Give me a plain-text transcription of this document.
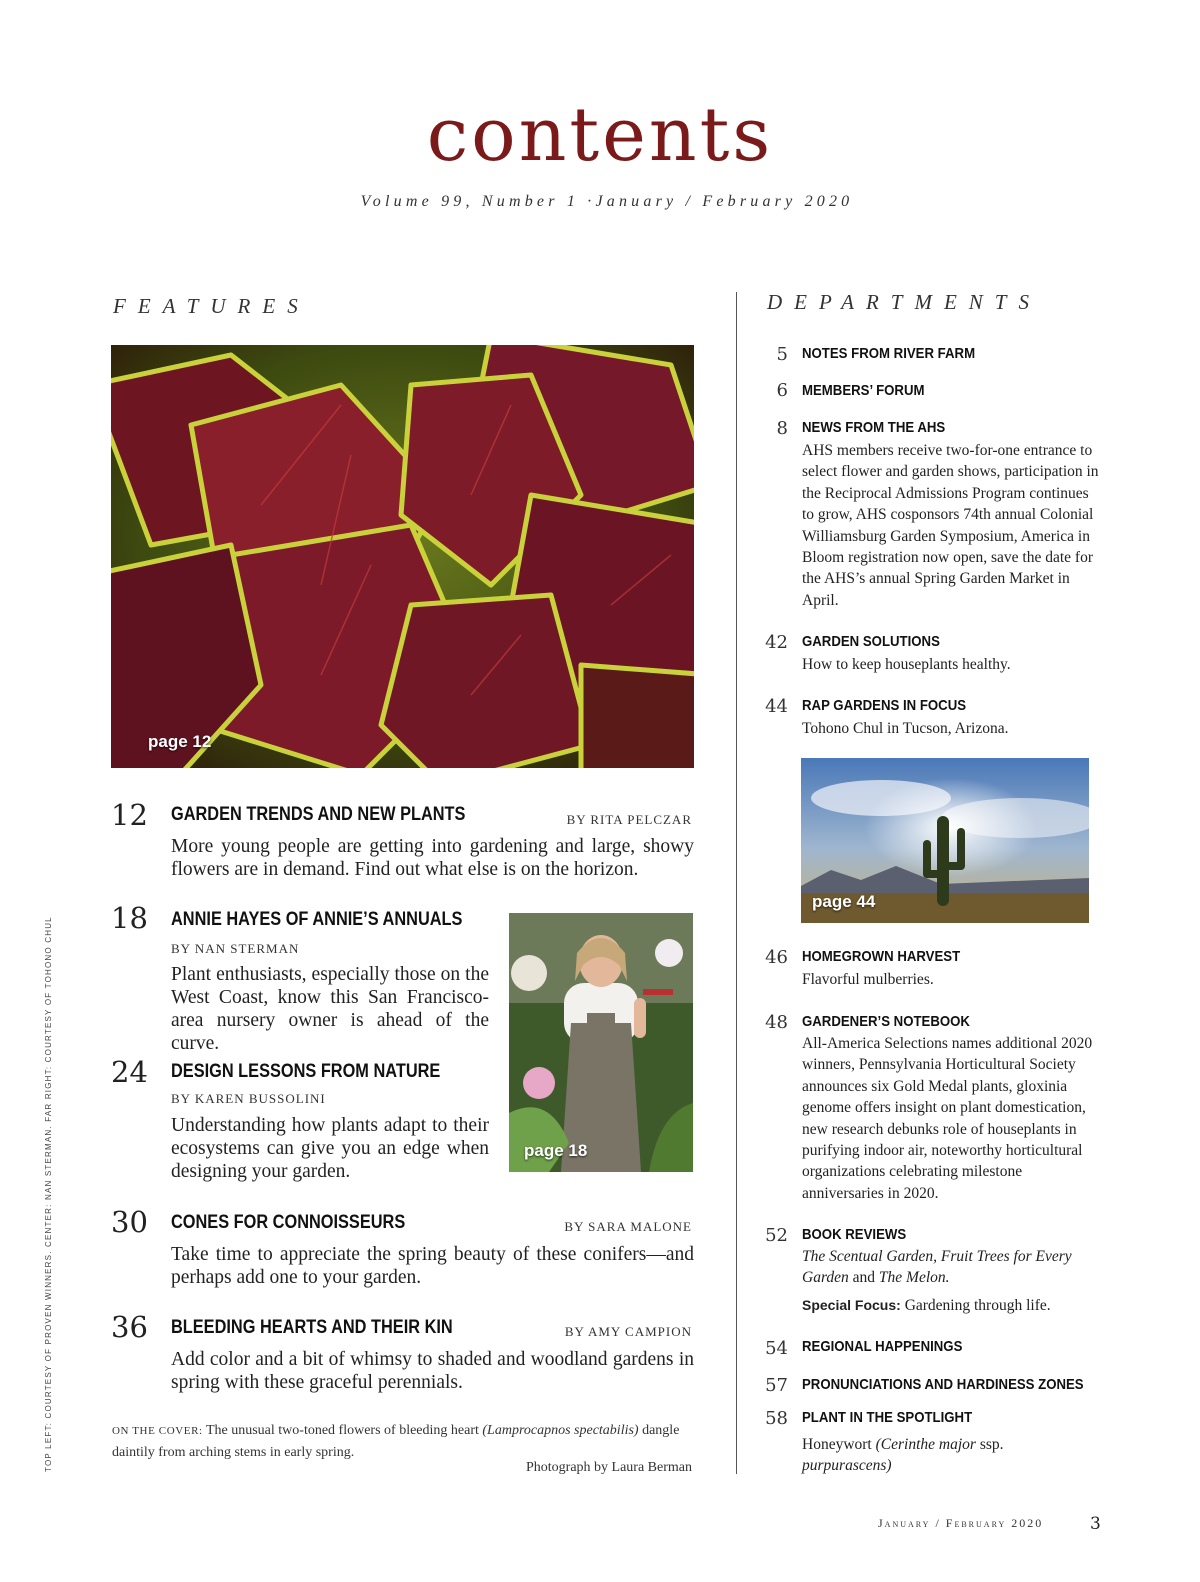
contents
Volume 99, Number 1 ·January / February 2020
FEATURES	DEPARTMENTS
page 12
12 GARDEN TRENDS AND NEW PLANTS	BY RITA PELCZAR
More young people are getting into gardening and large, showy flowers are in demand. Find out what else is on the horizon.
18 ANNIE HAYES OF ANNIE’S ANNUALS
BY NAN STERMAN
Plant enthusiasts, especially those on the West Coast, know this San Francisco-area nursery owner is ahead of the curve.
page 18
24 DESIGN LESSONS FROM NATURE
BY KAREN BUSSOLINI
Understanding how plants adapt to their ecosystems can give you an edge when designing your garden.
30 CONES FOR CONNOISSEURS	BY SARA MALONE
Take time to appreciate the spring beauty of these conifers—and perhaps add one to your garden.
36 BLEEDING HEARTS AND THEIR KIN	BY AMY CAMPION
Add color and a bit of whimsy to shaded and woodland gardens in spring with these graceful perennials.
ON THE COVER: The unusual two-toned flowers of bleeding heart (Lamprocapnos spectabilis) dangle daintily from arching stems in early spring.
Photograph by Laura Berman
TOP LEFT: COURTESY OF PROVEN WINNERS. CENTER: NAN STERMAN. FAR RIGHT: COURTESY OF TOHONO CHUL
5 NOTES FROM RIVER FARM
6 MEMBERS’ FORUM
8 NEWS FROM THE AHS
AHS members receive two-for-one entrance to select flower and garden shows, participation in the Reciprocal Admissions Program continues to grow, AHS cosponsors 74th annual Colonial Williamsburg Garden Symposium, America in Bloom registration now open, save the date for the AHS’s annual Spring Garden Market in April.
42 GARDEN SOLUTIONS
How to keep houseplants healthy.
44 RAP GARDENS IN FOCUS
Tohono Chul in Tucson, Arizona.
page 44
46 HOMEGROWN HARVEST
Flavorful mulberries.
48 GARDENER’S NOTEBOOK
All-America Selections names additional 2020 winners, Pennsylvania Horticultural Society announces six Gold Medal plants, gloxinia genome offers insight on plant domestication, new research debunks role of houseplants in purifying indoor air, noteworthy horticultural organizations celebrating milestone anniversaries in 2020.
52 BOOK REVIEWS
The Scentual Garden, Fruit Trees for Every Garden and The Melon.
Special Focus: Gardening through life.
54 REGIONAL HAPPENINGS
57 PRONUNCIATIONS AND HARDINESS ZONES
58 PLANT IN THE SPOTLIGHT
Honeywort (Cerinthe major ssp.
purpurascens)
January / February 2020	3
